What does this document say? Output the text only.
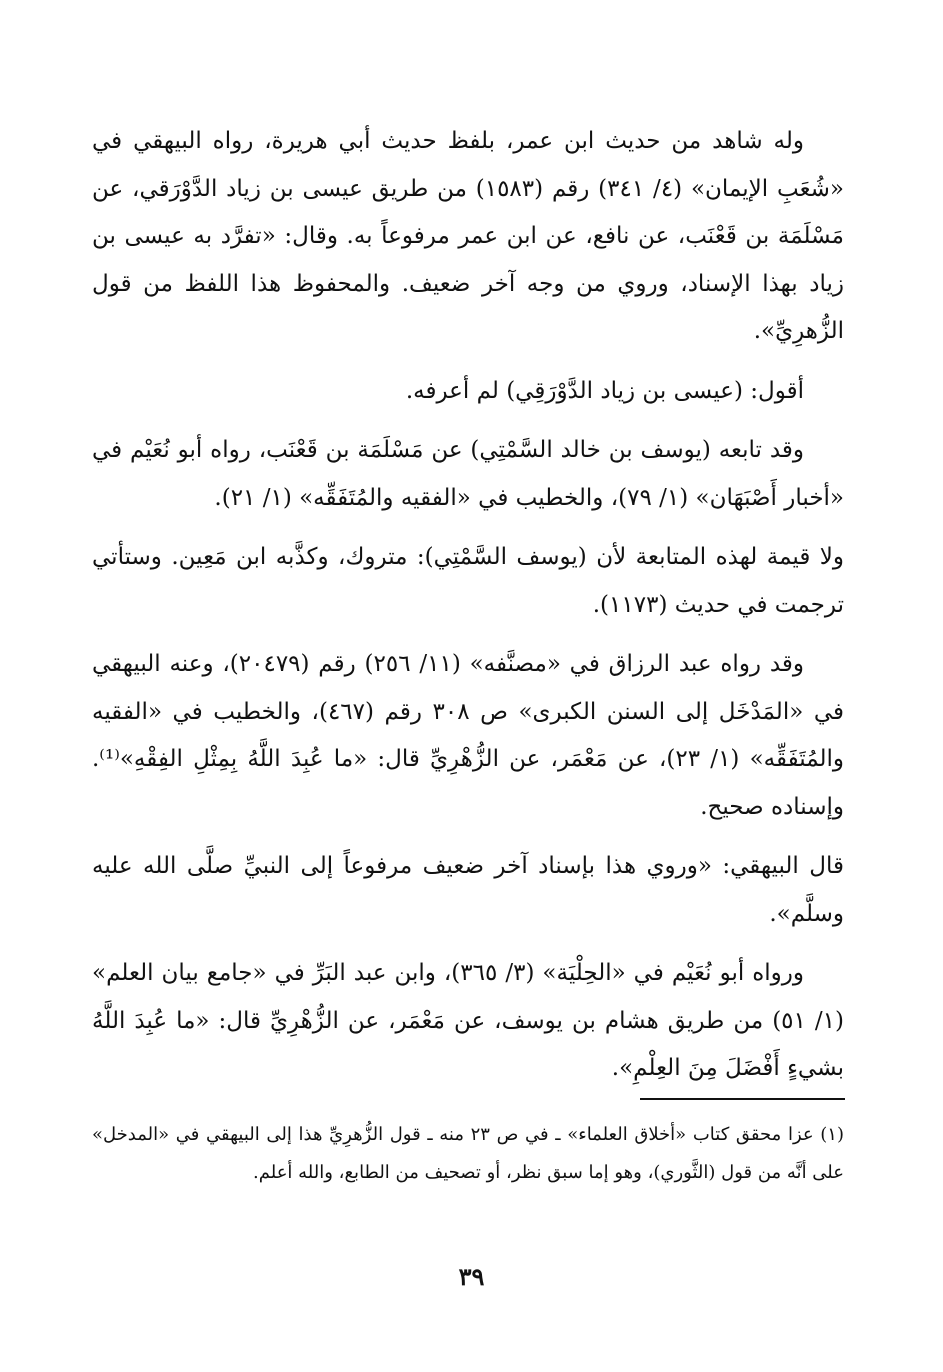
وله شاهد من حديث ابن عمر، بلفظ حديث أبي هريرة، رواه البيهقي في «شُعَبِ الإيمان» (٤/ ٣٤١) رقم (١٥٨٣) من طريق عيسى بن زياد الدَّوْرَقي، عن مَسْلَمَة بن قَعْنَب، عن نافع، عن ابن عمر مرفوعاً به. وقال: «تفرَّد به عيسى بن زياد بهذا الإسناد، وروي من وجه آخر ضعيف. والمحفوظ هذا اللفظ من قول الزُّهرِيِّ».

أقول: (عيسى بن زياد الدَّوْرَقِي) لم أعرفه.

وقد تابعه (يوسف بن خالد السَّمْتِي) عن مَسْلَمَة بن قَعْنَب، رواه أبو نُعَيْم في «أخبار أَصْبَهَان» (١/ ٧٩)، والخطيب في «الفقيه والمُتَفَقِّه» (١/ ٢١).

ولا قيمة لهذه المتابعة لأن (يوسف السَّمْتِي): متروك، وكذَّبه ابن مَعِين. وستأتي ترجمت في حديث (١١٧٣).

وقد رواه عبد الرزاق في «مصنَّفه» (١١/ ٢٥٦) رقم (٢٠٤٧٩)، وعنه البيهقي في «المَدْخَل إلى السنن الكبرى» ص ٣٠٨ رقم (٤٦٧)، والخطيب في «الفقيه والمُتَفَقِّه» (١/ ٢٣)، عن مَعْمَر، عن الزُّهْرِيِّ قال: «ما عُبِدَ اللَّهُ بِمِثْلِ الفِقْهِ»⁽¹⁾. وإسناده صحيح.

قال البيهقي: «وروي هذا بإسناد آخر ضعيف مرفوعاً إلى النبيِّ صلَّى الله عليه وسلَّم».

ورواه أبو نُعَيْم في «الحِلْيَة» (٣/ ٣٦٥)، وابن عبد البَرِّ في «جامع بيان العلم» (١/ ٥١) من طريق هشام بن يوسف، عن مَعْمَر، عن الزُّهْرِيِّ قال: «ما عُبِدَ اللَّهُ بشيءٍ أَفْضَلَ مِنَ العِلْمِ».

(١) عزا محقق كتاب «أخلاق العلماء» ـ في ص ٢٣ منه ـ قول الزُّهرِيِّ هذا إلى البيهقي في «المدخل» على أنَّه من قول (الثَّوري)، وهو إما سبق نظر، أو تصحيف من الطابع، والله أعلم.

٣٩
